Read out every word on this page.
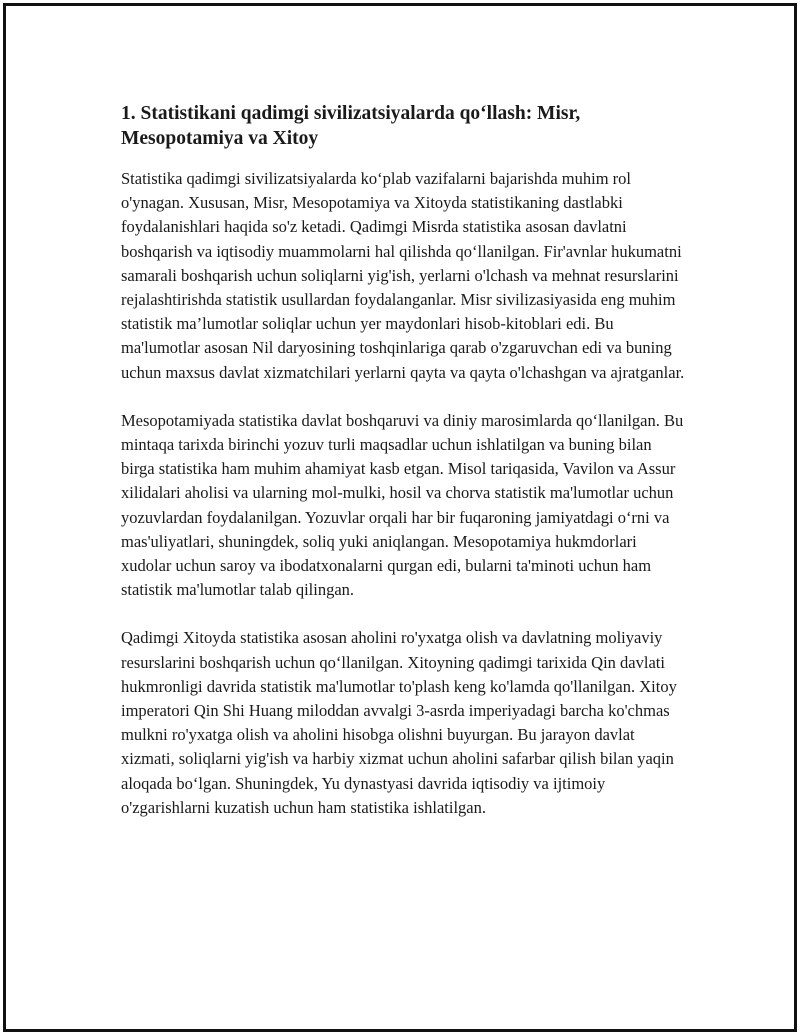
1. Statistikani qadimgi sivilizatsiyalarda qo‘llash: Misr, Mesopotamiya va Xitoy

Statistika qadimgi sivilizatsiyalarda ko‘plab vazifalarni bajarishda muhim rol o'ynagan. Xususan, Misr, Mesopotamiya va Xitoyda statistikaning dastlabki foydalanishlari haqida so'z ketadi. Qadimgi Misrda statistika asosan davlatni boshqarish va iqtisodiy muammolarni hal qilishda qo‘llanilgan. Fir'avnlar hukumatni samarali boshqarish uchun soliqlarni yig'ish, yerlarni o'lchash va mehnat resurslarini rejalashtirishda statistik usullardan foydalanganlar. Misr sivilizasiyasida eng muhim statistik ma’lumotlar soliqlar uchun yer maydonlari hisob-kitoblari edi. Bu ma'lumotlar asosan Nil daryosining toshqinlariga qarab o'zgaruvchan edi va buning uchun maxsus davlat xizmatchilari yerlarni qayta va qayta o'lchashgan va ajratganlar.

Mesopotamiyada statistika davlat boshqaruvi va diniy marosimlarda qo‘llanilgan. Bu mintaqa tarixda birinchi yozuv turli maqsadlar uchun ishlatilgan va buning bilan birga statistika ham muhim ahamiyat kasb etgan. Misol tariqasida, Vavilon va Assur xilidalari aholisi va ularning mol-mulki, hosil va chorva statistik ma'lumotlar uchun yozuvlardan foydalanilgan. Yozuvlar orqali har bir fuqaroning jamiyatdagi o‘rni va mas'uliyatlari, shuningdek, soliq yuki aniqlangan. Mesopotamiya hukmdorlari xudolar uchun saroy va ibodatxonalarni qurgan edi, bularni ta'minoti uchun ham statistik ma'lumotlar talab qilingan.

Qadimgi Xitoyda statistika asosan aholini ro'yxatga olish va davlatning moliyaviy resurslarini boshqarish uchun qo‘llanilgan. Xitoyning qadimgi tarixida Qin davlati hukmronligi davrida statistik ma'lumotlar to'plash keng ko'lamda qo'llanilgan. Xitoy imperatori Qin Shi Huang miloddan avvalgi 3-asrda imperiyadagi barcha ko'chmas mulkni ro'yxatga olish va aholini hisobga olishni buyurgan. Bu jarayon davlat xizmati, soliqlarni yig'ish va harbiy xizmat uchun aholini safarbar qilish bilan yaqin aloqada bo‘lgan. Shuningdek, Yu dynastyasi davrida iqtisodiy va ijtimoiy o'zgarishlarni kuzatish uchun ham statistika ishlatilgan.
